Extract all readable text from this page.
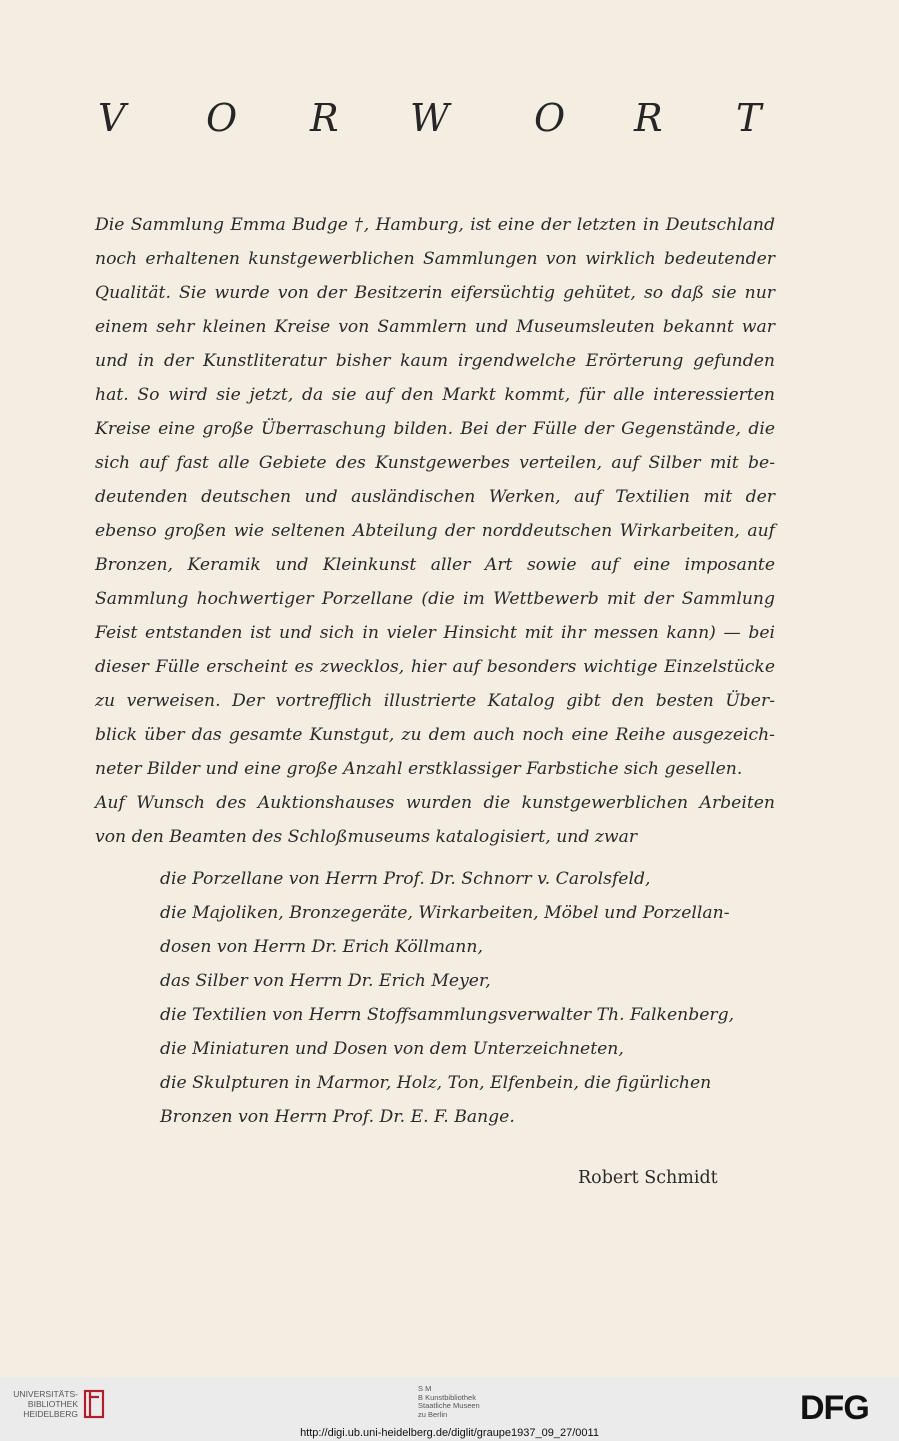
V O R W O R T
Die Sammlung Emma Budge †, Hamburg, ist eine der letzten in Deutschland
noch erhaltenen kunstgewerblichen Sammlungen von wirklich bedeutender
Qualität. Sie wurde von der Besitzerin eifersüchtig gehütet, so daß sie nur
einem sehr kleinen Kreise von Sammlern und Museumsleuten bekannt war
und in der Kunstliteratur bisher kaum irgendwelche Erörterung gefunden
hat. So wird sie jetzt, da sie auf den Markt kommt, für alle interessierten
Kreise eine große Überraschung bilden. Bei der Fülle der Gegenstände, die
sich auf fast alle Gebiete des Kunstgewerbes verteilen, auf Silber mit be-
deutenden deutschen und ausländischen Werken, auf Textilien mit der
ebenso großen wie seltenen Abteilung der norddeutschen Wirkarbeiten, auf
Bronzen, Keramik und Kleinkunst aller Art sowie auf eine imposante
Sammlung hochwertiger Porzellane (die im Wettbewerb mit der Sammlung
Feist entstanden ist und sich in vieler Hinsicht mit ihr messen kann) — bei
dieser Fülle erscheint es zwecklos, hier auf besonders wichtige Einzelstücke
zu verweisen. Der vortrefflich illustrierte Katalog gibt den besten Über-
blick über das gesamte Kunstgut, zu dem auch noch eine Reihe ausgezeich-
neter Bilder und eine große Anzahl erstklassiger Farbstiche sich gesellen.
Auf Wunsch des Auktionshauses wurden die kunstgewerblichen Arbeiten
von den Beamten des Schloßmuseums katalogisiert, und zwar
die Porzellane von Herrn Prof. Dr. Schnorr v. Carolsfeld,
die Majoliken, Bronzegeräte, Wirkarbeiten, Möbel und Porzellan-
dosen von Herrn Dr. Erich Köllmann,
das Silber von Herrn Dr. Erich Meyer,
die Textilien von Herrn Stoffsammlungsverwalter Th. Falkenberg,
die Miniaturen und Dosen von dem Unterzeichneten,
die Skulpturen in Marmor, Holz, Ton, Elfenbein, die figürlichen
Bronzen von Herrn Prof. Dr. E. F. Bange.
Robert Schmidt
UNIVERSITÄTS-
BIBLIOTHEK
HEIDELBERG
S M
B Kunstbibliothek
Staatliche Museen
zu Berlin	DFG
http://digi.ub.uni-heidelberg.de/diglit/graupe1937_09_27/0011
